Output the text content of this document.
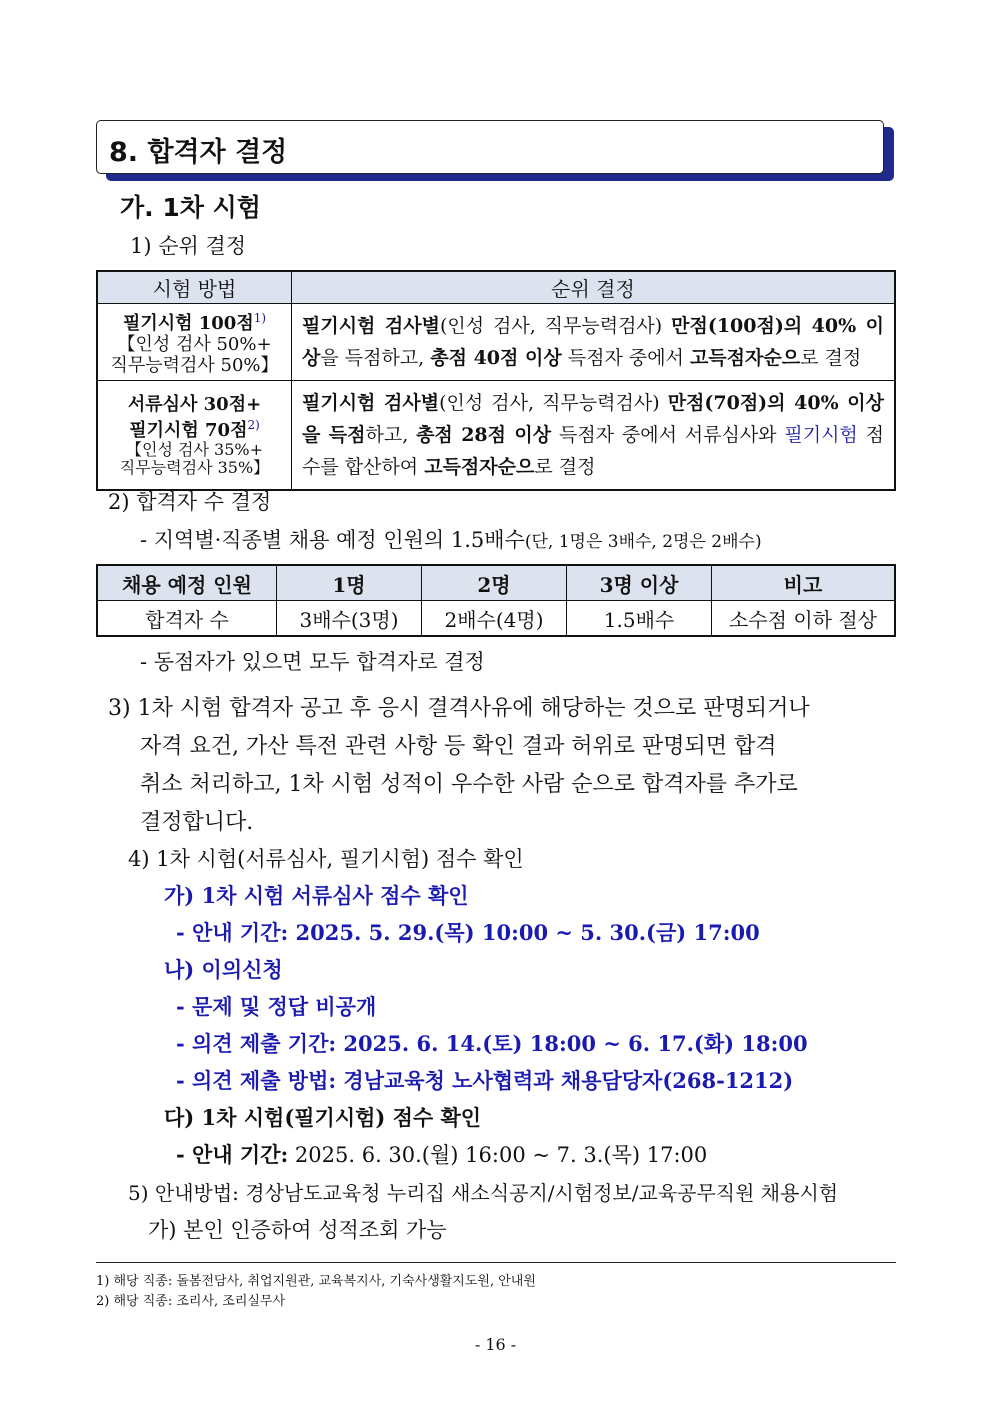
8. 합격자 결정
가. 1차 시험
1) 순위 결정
시험 방법	순위 결정

필기시험 100점$^{1)}$
【인성 검사 50%+
직무능력검사 50%】	필기시험 검사별(인성 검사, 직무능력검사) 만점(100점)의 40% 이상을 득점하고, 총점 40점 이상 득점자 중에서 고득점자순으로 결정

서류심사 30점+
필기시험 70점$^{2)}$
【인성 검사 35%+
직무능력검사 35%】	필기시험 검사별(인성 검사, 직무능력검사) 만점(70점)의 40% 이상을 득점하고, 총점 28점 이상 득점자 중에서 서류심사와 필기시험 점수를 합산하여 고득점자순으로 결정
2) 합격자 수 결정
- 지역별·직종별 채용 예정 인원의 1.5배수(단, 1명은 3배수, 2명은 2배수)
채용 예정 인원	1명	2명	3명 이상	비고
합격자 수	3배수(3명)	2배수(4명)	1.5배수	소수점 이하 절상
- 동점자가 있으면 모두 합격자로 결정
3) 1차 시험 합격자 공고 후 응시 결격사유에 해당하는 것으로 판명되거나
자격 요건, 가산 특전 관련 사항 등 확인 결과 허위로 판명되면 합격
취소 처리하고, 1차 시험 성적이 우수한 사람 순으로 합격자를 추가로
결정합니다.
4) 1차 시험(서류심사, 필기시험) 점수 확인
가) 1차 시험 서류심사 점수 확인
- 안내 기간: 2025. 5. 29.(목) 10:00 ~ 5. 30.(금) 17:00
나) 이의신청
- 문제 및 정답 비공개
- 의견 제출 기간: 2025. 6. 14.(토) 18:00 ~ 6. 17.(화) 18:00
- 의견 제출 방법: 경남교육청 노사협력과 채용담당자(268-1212)
다) 1차 시험(필기시험) 점수 확인
- 안내 기간: 2025. 6. 30.(월) 16:00 ~ 7. 3.(목) 17:00
5) 안내방법: 경상남도교육청 누리집 새소식공지/시험정보/교육공무직원 채용시험
가) 본인 인증하여 성적조회 가능
1) 해당 직종: 돌봄전담사, 취업지원관, 교육복지사, 기숙사생활지도원, 안내원
2) 해당 직종: 조리사, 조리실무사
- 16 -
